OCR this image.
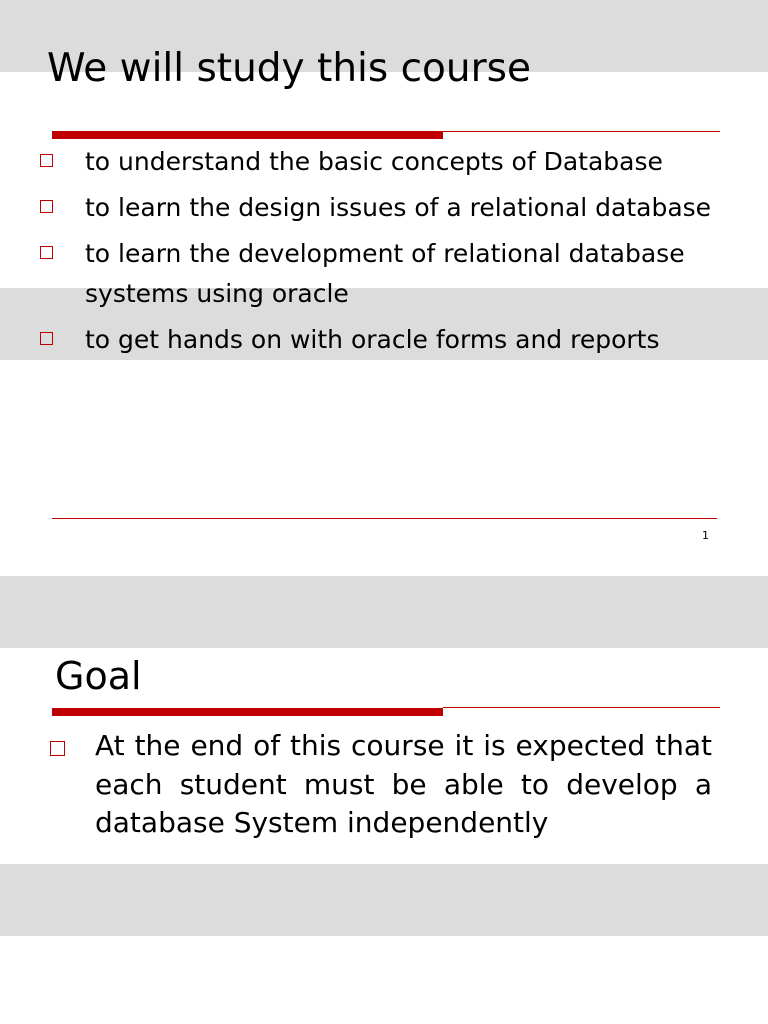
We will study this course
to understand the basic concepts of Database
to learn the design issues of a relational database
to learn the development of relational database systems using oracle
to get hands on with oracle forms and reports
1
Goal
At the end of this course it is expected that each student must be able to develop a database System independently
